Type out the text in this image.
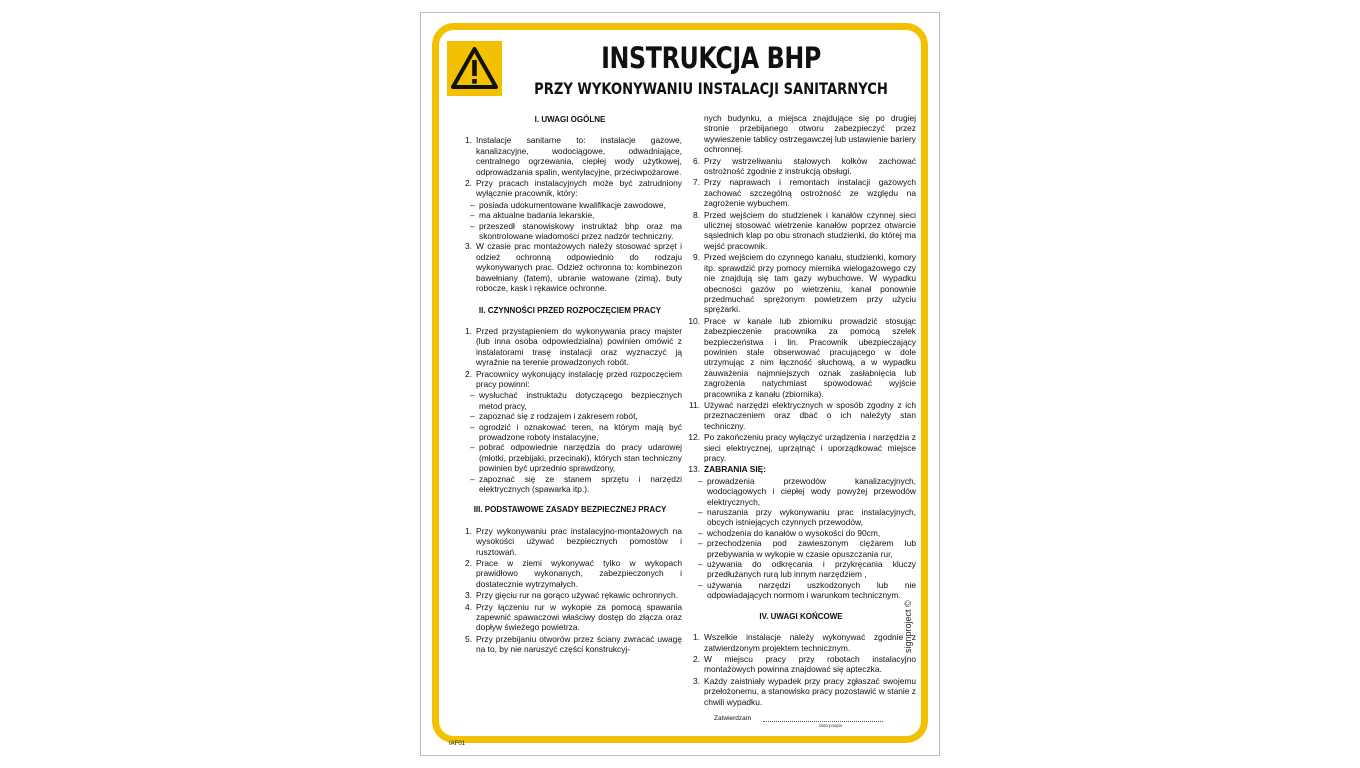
INSTRUKCJA BHP
PRZY WYKONYWANIU INSTALACJI SANITARNYCH
I. UWAGI OGÓLNE
1. Instalacje sanitarne to: instalacje gazowe, kanalizacyjne, wodociągowe, odwadniające, centralnego ogrzewania, ciepłej wody użytkowej, odprowadzania spalin, wentylacyjne, przeciwpożarowe.
2. Przy pracach instalacyjnych może być zatrudniony wyłącznie pracownik, który:
– posiada udokumentowane kwalifikacje zawodowe,
– ma aktualne badania lekarskie,
– przeszedł stanowiskowy instruktaż bhp oraz ma skontrolowane wiadomości przez nadzór techniczny.
3. W czasie prac montażowych należy stosować sprzęt i odzież ochronną odpowiednio do rodzaju wykonywanych prac. Odzież ochronna to: kombinezon bawełniany (fatem), ubranie watowane (zimą), buty robocze, kask i rękawice ochronne.
II. CZYNNOŚCI PRZED ROZPOCZĘCIEM PRACY
1. Przed przystąpieniem do wykonywania pracy majster (lub inna osoba odpowiedzialna) powinien omówić z instalatorami trasę instalacji oraz wyznaczyć ją wyraźnie na terenie prowadzonych robót.
2. Pracownicy wykonujący instalację przed rozpoczęciem pracy powinni:
– wysłuchać instruktażu dotyczącego bezpiecznych metod pracy,
– zapoznać się z rodzajem i zakresem robót,
– ogrodzić i oznakować teren, na którym mają być prowadzone roboty instalacyjne,
– pobrać odpowiednie narzędzia do pracy udarowej (młotki, przebijaki, przecinaki), których stan techniczny powinien być uprzednio sprawdzony,
– zapoznać się ze stanem sprzętu i narzędzi elektrycznych (spawarka itp.).
III. PODSTAWOWE ZASADY BEZPIECZNEJ PRACY
1. Przy wykonywaniu prac instalacyjno-montażowych na wysokości używać bezpiecznych pomostów i rusztowań.
2. Prace w ziemi wykonywać tylko w wykopach prawidłowo wykonanych, zabezpieczonych i dostatecznie wytrzymałych.
3. Przy gięciu rur na gorąco używać rękawic ochronnych.
4. Przy łączeniu rur w wykopie za pomocą spawania zapewnić spawaczowi właściwy dostęp do złącza oraz dopływ świeżego powietrza.
5. Przy przebijaniu otworów przez ściany zwracać uwagę na to, by nie naruszyć części konstrukcyj-
nych budynku, a miejsca znajdujące się po drugiej stronie przebijanego otworu zabezpieczyć przez wywieszenie tablicy ostrzegawczej lub ustawienie bariery ochronnej.
6. Przy wstrzeliwaniu stalowych kołków zachować ostrożność zgodnie z instrukcją obsługi.
7. Przy naprawach i remontach instalacji gazowych zachować szczególną ostrożność ze względu na zagrożenie wybuchem.
8. Przed wejściem do studzienek i kanałów czynnej sieci ulicznej stosować wietrzenie kanałów poprzez otwarcie sąsiednich klap po obu stronach studzienki, do której ma wejść pracownik.
9. Przed wejściem do czynnego kanału, studzienki, komory itp. sprawdzić przy pomocy miernika wielogazowego czy nie znajdują się tam gazy wybuchowe. W wypadku obecności gazów po wietrzeniu, kanał ponownie przedmuchać sprężonym powietrzem przy użyciu sprężarki.
10. Prace w kanale lub zbiorniku prowadzić stosując zabezpieczenie pracownika za pomocą szelek bezpieczeństwa i lin. Pracownik ubezpieczający powinien stale obserwować pracującego w dole utrzymując z nim łączność słuchową, a w wypadku zauważenia najmniejszych oznak zasłabnięcia lub zagrożenia natychmiast spowodować wyjście pracownika z kanału (zbiornika).
11. Używać narzędzi elektrycznych w sposób zgodny z ich przeznaczeniem oraz dbać o ich należyty stan techniczny.
12. Po zakończeniu pracy wyłączyć urządzenia i narzędzia z sieci elektrycznej, uprzątnąć i uporządkować miejsce pracy.
13. ZABRANIA SIĘ:
– prowadzenia przewodów kanalizacyjnych, wodociągowych i ciepłej wody powyżej przewodów elektrycznych,
– naruszania przy wykonywaniu prac instalacyjnych, obcych istniejących czynnych przewodów,
– wchodzenia do kanałów o wysokości do 90cm,
– przechodzenia pod zawieszonym ciężarem lub przebywania w wykopie w czasie opuszczania rur,
– używania do odkręcania i przykręcania kluczy przedłużanych rurą lub innym narzędziem ,
– używania narzędzi uszkodzonych lub nie odpowiadających normom i warunkom technicznym.
IV. UWAGI KOŃCOWE
1. Wszelkie instalacje należy wykonywać zgodnie z zatwierdzonym projektem technicznym.
2. W miejscu pracy przy robotach instalacyjno montażowych powinna znajdować się apteczka.
3. Każdy zaistniały wypadek przy pracy zgłaszać swojemu przełożonemu, a stanowisko pracy pozostawić w stanie z chwili wypadku.
Zatwierdzam
data podpis
IAF01
signproject ©
